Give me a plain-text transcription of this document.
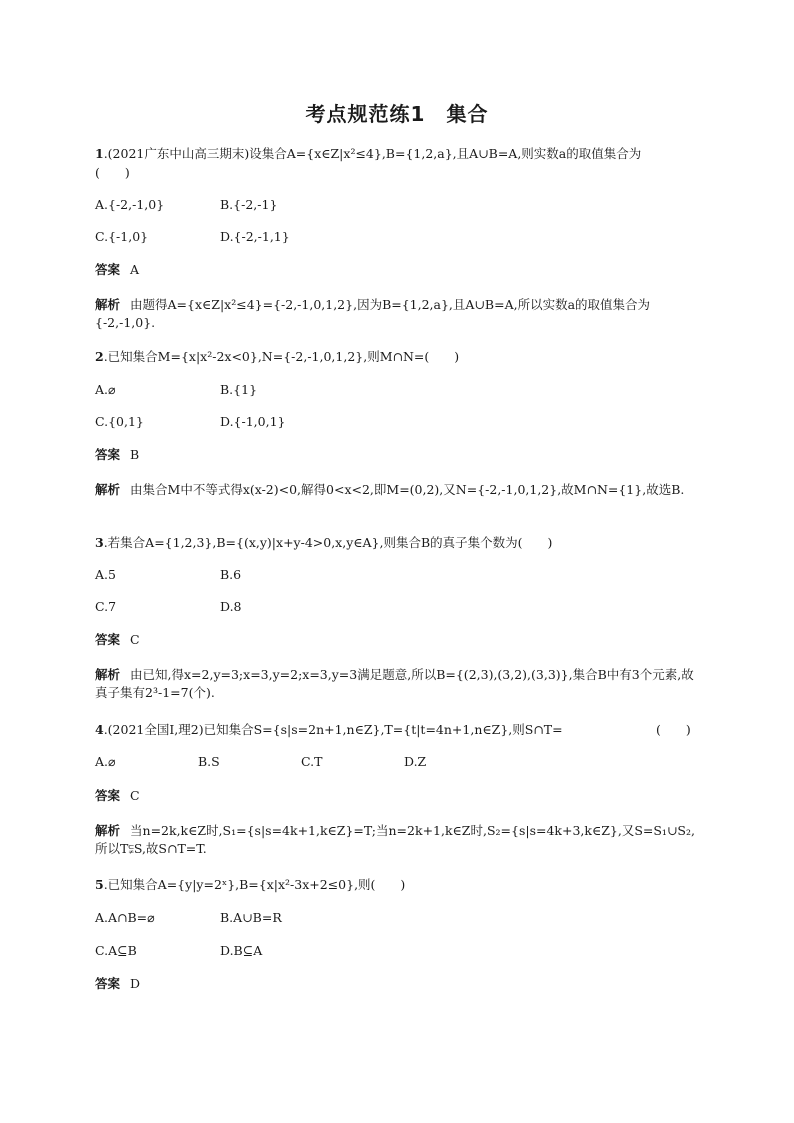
考点规范练1　集合
1.(2021广东中山高三期末)设集合A={x∈Z|x²≤4},B={1,2,a},且A∪B=A,则实数a的取值集合为
(　　)
A.{-2,-1,0}	B.{-2,-1}
C.{-1,0}	D.{-2,-1,1}
答案 A
解析 由题得A={x∈Z|x²≤4}={-2,-1,0,1,2},因为B={1,2,a},且A∪B=A,所以实数a的取值集合为{-2,-1,0}.
2.已知集合M={x|x²-2x<0},N={-2,-1,0,1,2},则M∩N=(　　)
A.⌀	B.{1}
C.{0,1}	D.{-1,0,1}
答案 B
解析 由集合M中不等式得x(x-2)<0,解得0<x<2,即M=(0,2),又N={-2,-1,0,1,2},故M∩N={1},故选B.
3.若集合A={1,2,3},B={(x,y)|x+y-4>0,x,y∈A},则集合B的真子集个数为(　　)
A.5	B.6
C.7	D.8
答案 C
解析 由已知,得x=2,y=3;x=3,y=2;x=3,y=3满足题意,所以B={(2,3),(3,2),(3,3)},集合B中有3个元素,故真子集有2³-1=7(个).
4.(2021全国Ⅰ,理2)已知集合S={s|s=2n+1,n∈Z},T={t|t=4n+1,n∈Z},则S∩T=	(　　)
A.⌀	B.S	C.T	D.Z
答案 C
解析 当n=2k,k∈Z时,S₁={s|s=4k+1,k∈Z}=T;当n=2k+1,k∈Z时,S₂={s|s=4k+3,k∈Z},又S=S₁∪S₂,所以T⫋S,故S∩T=T.
5.已知集合A={y|y=2ˣ},B={x|x²-3x+2≤0},则(　　)
A.A∩B=⌀	B.A∪B=R
C.A⊆B	D.B⊆A
答案 D
